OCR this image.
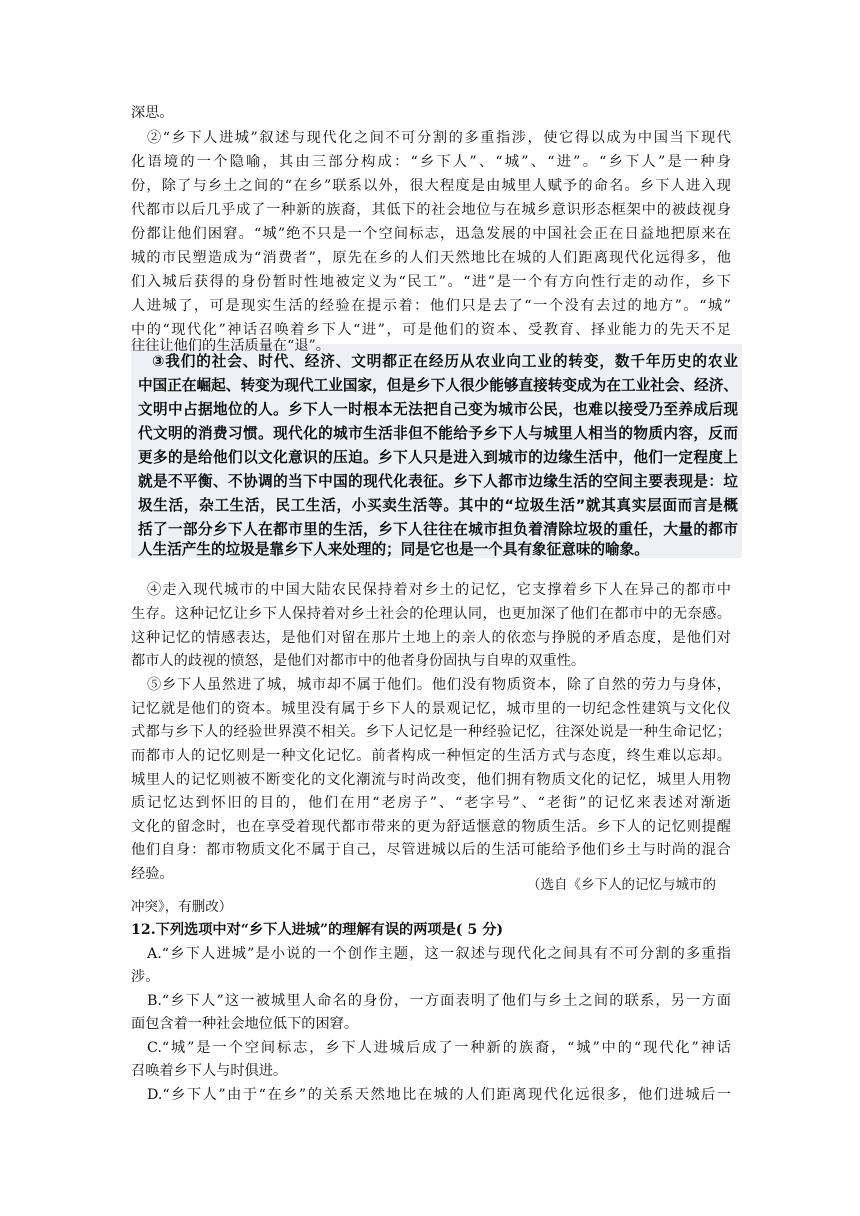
深思。
②“乡下人进城”叙述与现代化之间不可分割的多重指涉，使它得以成为中国当下现代
化语境的一个隐喻，其由三部分构成：“乡下人”、“城”、“进”。“乡下人”是一种身
份，除了与乡土之间的“在乡”联系以外，很大程度是由城里人赋予的命名。乡下人进入现
代都市以后几乎成了一种新的族裔，其低下的社会地位与在城乡意识形态框架中的被歧视身
份都让他们困窘。“城”绝不只是一个空间标志，迅急发展的中国社会正在日益地把原来在
城的市民塑造成为“消费者”，原先在乡的人们天然地比在城的人们距离现代化远得多，他
们入城后获得的身份暂时性地被定义为“民工”。“进”是一个有方向性行走的动作，乡下
人进城了，可是现实生活的经验在提示着：他们只是去了“一个没有去过的地方”。“城”
中的“现代化”神话召唤着乡下人“进”，可是他们的资本、受教育、择业能力的先天不足
往往让他们的生活质量在“退”。
③我们的社会、时代、经济、文明都正在经历从农业向工业的转变，数千年历史的农业
中国正在崛起、转变为现代工业国家，但是乡下人很少能够直接转变成为在工业社会、经济、
文明中占据地位的人。乡下人一时根本无法把自己变为城市公民，也难以接受乃至养成后现
代文明的消费习惯。现代化的城市生活非但不能给予乡下人与城里人相当的物质内容，反而
更多的是给他们以文化意识的压迫。乡下人只是进入到城市的边缘生活中，他们一定程度上
就是不平衡、不协调的当下中国的现代化表征。乡下人都市边缘生活的空间主要表现是：垃
圾生活，杂工生活，民工生活，小买卖生活等。其中的“垃圾生活”就其真实层面而言是概
括了一部分乡下人在都市里的生活，乡下人往往在城市担负着清除垃圾的重任，大量的都市
人生活产生的垃圾是靠乡下人来处理的；同是它也是一个具有象征意味的喻象。
④走入现代城市的中国大陆农民保持着对乡土的记忆，它支撑着乡下人在异己的都市中
生存。这种记忆让乡下人保持着对乡土社会的伦理认同，也更加深了他们在都市中的无奈感。
这种记忆的情感表达，是他们对留在那片土地上的亲人的依恋与挣脱的矛盾态度，是他们对
都市人的歧视的愤怒，是他们对都市中的他者身份固执与自卑的双重性。
⑤乡下人虽然进了城，城市却不属于他们。他们没有物质资本，除了自然的劳力与身体，
记忆就是他们的资本。城里没有属于乡下人的景观记忆，城市里的一切纪念性建筑与文化仪
式都与乡下人的经验世界漠不相关。乡下人记忆是一种经验记忆，往深处说是一种生命记忆；
而都市人的记忆则是一种文化记忆。前者构成一种恒定的生活方式与态度，终生难以忘却。
城里人的记忆则被不断变化的文化潮流与时尚改变，他们拥有物质文化的记忆，城里人用物
质记忆达到怀旧的目的，他们在用“老房子”、“老字号”、“老街”的记忆来表述对渐逝
文化的留念时，也在享受着现代都市带来的更为舒适惬意的物质生活。乡下人的记忆则提醒
他们自身：都市物质文化不属于自己，尽管进城以后的生活可能给予他们乡土与时尚的混合
经验。
（选自《乡下人的记忆与城市的
冲突》，有删改）
12.下列选项中对“乡下人进城”的理解有误的两项是( 5 分)
A.“乡下人进城”是小说的一个创作主题，这一叙述与现代化之间具有不可分割的多重指
涉。
B.“乡下人”这一被城里人命名的身份，一方面表明了他们与乡土之间的联系，另一方面
面包含着一种社会地位低下的困窘。
C.“城”是一个空间标志，乡下人进城后成了一种新的族裔，“城”中的“现代化”神话
召唤着乡下人与时俱进。
D.“乡下人”由于“在乡”的关系天然地比在城的人们距离现代化远很多，他们进城后一
